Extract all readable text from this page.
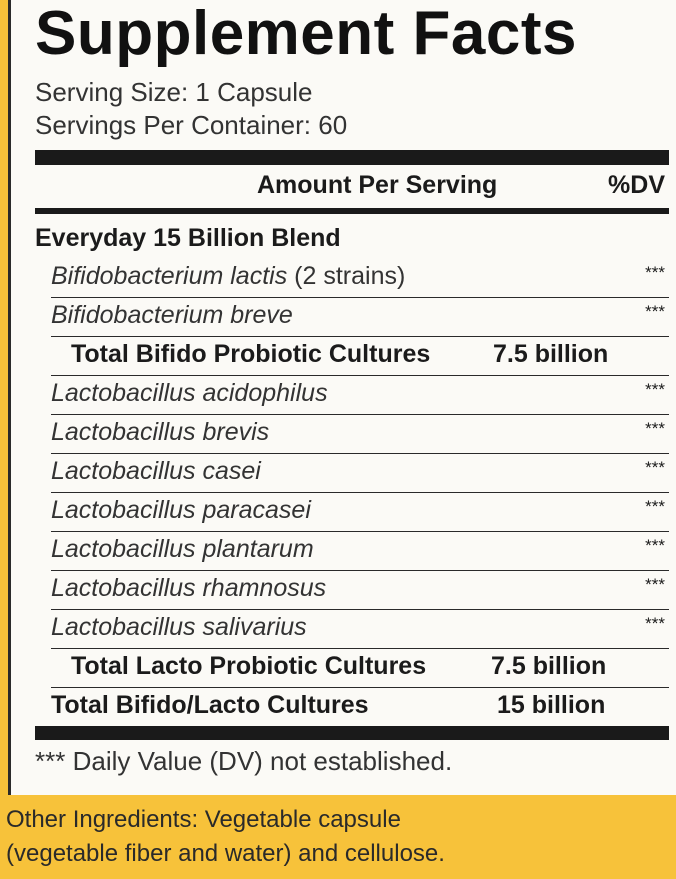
Supplement Facts
Serving Size: 1 Capsule
Servings Per Container: 60
Amount Per Serving	%DV
Everyday 15 Billion Blend
Bifidobacterium lactis (2 strains)	***
Bifidobacterium breve	***
Total Bifido Probiotic Cultures	7.5 billion
Lactobacillus acidophilus	***
Lactobacillus brevis	***
Lactobacillus casei	***
Lactobacillus paracasei	***
Lactobacillus plantarum	***
Lactobacillus rhamnosus	***
Lactobacillus salivarius	***
Total Lacto Probiotic Cultures	7.5 billion
Total Bifido/Lacto Cultures	15 billion
*** Daily Value (DV) not established.
Other Ingredients: Vegetable capsule
(vegetable fiber and water) and cellulose.
